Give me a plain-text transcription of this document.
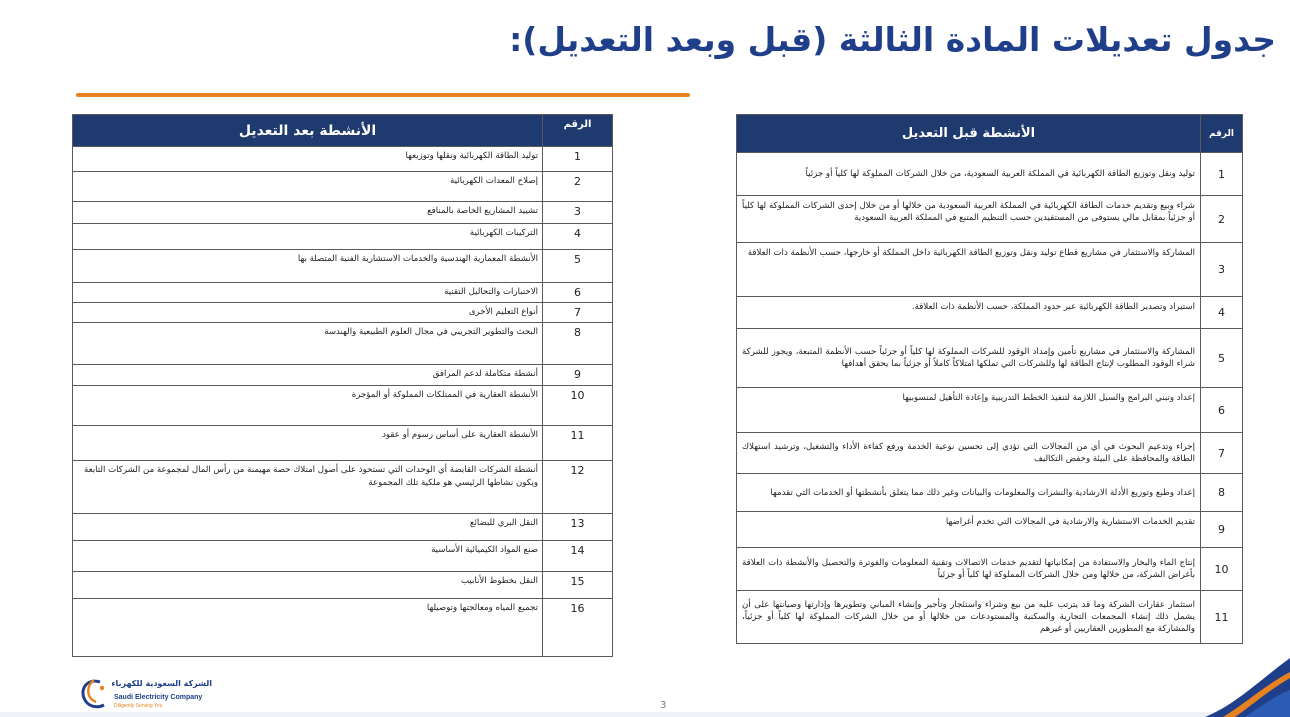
جدول تعديلات المادة الثالثة (قبل وبعد التعديل):
الأنشطة قبل التعديل	الرقم
توليد ونقل وتوزيع الطاقة الكهربائية في المملكة العربية السعودية، من خلال الشركات المملوكة لها كلياً أو جزئياً	1
شراء وبيع وتقديم خدمات الطاقة الكهربائية في المملكة العربية السعودية من خلالها أو من خلال إحدى الشركات المملوكة لها كلياً أو جزئياً بمقابل مالي يستوفى من المستفيدين حسب التنظيم المتبع في المملكة العربية السعودية	2
المشاركة والاستثمار في مشاريع قطاع توليد ونقل وتوزيع الطاقة الكهربائية داخل المملكة أو خارجها، حسب الأنظمة ذات العلاقة	3
استيراد وتصدير الطاقة الكهربائية عبر حدود المملكة، حسب الأنظمة ذات العلاقة.	4
المشاركة والاستثمار في مشاريع تأمين وإمداد الوقود للشركات المملوكة لها كلياً أو جزئياً حسب الأنظمة المتبعة، ويجوز للشركة شراء الوقود المطلوب لإنتاج الطاقة لها وللشركات التي تملكها امتلاكاً كاملاً أو جزئياً بما يحقق أهدافها	5
إعداد وتبني البرامج والسبل اللازمة لتنفيذ الخطط التدريبية وإعادة التأهيل لمنسوبيها	6
إجراء وتدعيم البحوث في أي من المجالات التي تؤدي إلى تحسين نوعية الخدمة ورفع كفاءة الأداء والتشغيل، وترشيد استهلاك الطاقة والمحافظة على البيئة وخفض التكاليف	7
إعداد وطبع وتوزيع الأدلة الارشادية والنشرات والمعلومات والبيانات وغير ذلك مما يتعلق بأنشطتها أو الخدمات التي تقدمها	8
تقديم الخدمات الاستشارية والارشادية في المجالات التي تخدم أغراضها	9
إنتاج الماء والبخار والاستفادة من إمكانياتها لتقديم خدمات الاتصالات وتقنية المعلومات والفوترة والتحصيل والأنشطة ذات العلاقة بأغراض الشركة، من خلالها ومن خلال الشركات المملوكة لها كلياً أو جزئياً	10
استثمار عقارات الشركة وما قد يترتب عليه من بيع وشراء واستئجار وتأجير وإنشاء المباني وتطويرها وإدارتها وصيانتها على أن يشمل ذلك إنشاء المجمعات التجارية والسكنية والمستودعات من خلالها أو من خلال الشركات المملوكة لها كلياً أو جزئياً، والمشاركة مع المطورين العقاريين أو غيرهم	11
الأنشطة بعد التعديل	الرقم
توليد الطاقة الكهربائية ونقلها وتوزيعها	1
إصلاح المعدات الكهربائية	2
تشييد المشاريع الخاصة بالمنافع	3
التركيبات الكهربائية	4
الأنشطة المعمارية الهندسية والخدمات الاستشارية الفنية المتصلة بها	5
الاختبارات والتحاليل التقنية	6
أنواع التعليم الأخرى	7
البحث والتطوير التجريبي في مجال العلوم الطبيعية والهندسة	8
أنشطة متكاملة لدعم المرافق	9
الأنشطة العقارية في الممتلكات المملوكة أو المؤجرة	10
الأنشطة العقارية على أساس رسوم أو عقود	11
أنشطة الشركات القابضة أي الوحدات التي تستحوذ على أصول امتلاك حصة مهيمنة من رأس المال لمجموعة من الشركات التابعة ويكون نشاطها الرئيسي هو ملكية تلك المجموعة	12
النقل البري للبضائع	13
صنع المواد الكيميائية الأساسية	14
النقل بخطوط الأنابيب	15
تجميع المياه ومعالجتها وتوصيلها	16
الشركة السعودية للكهرباء
Saudi Electricity Company
Diligently Serving You	3
